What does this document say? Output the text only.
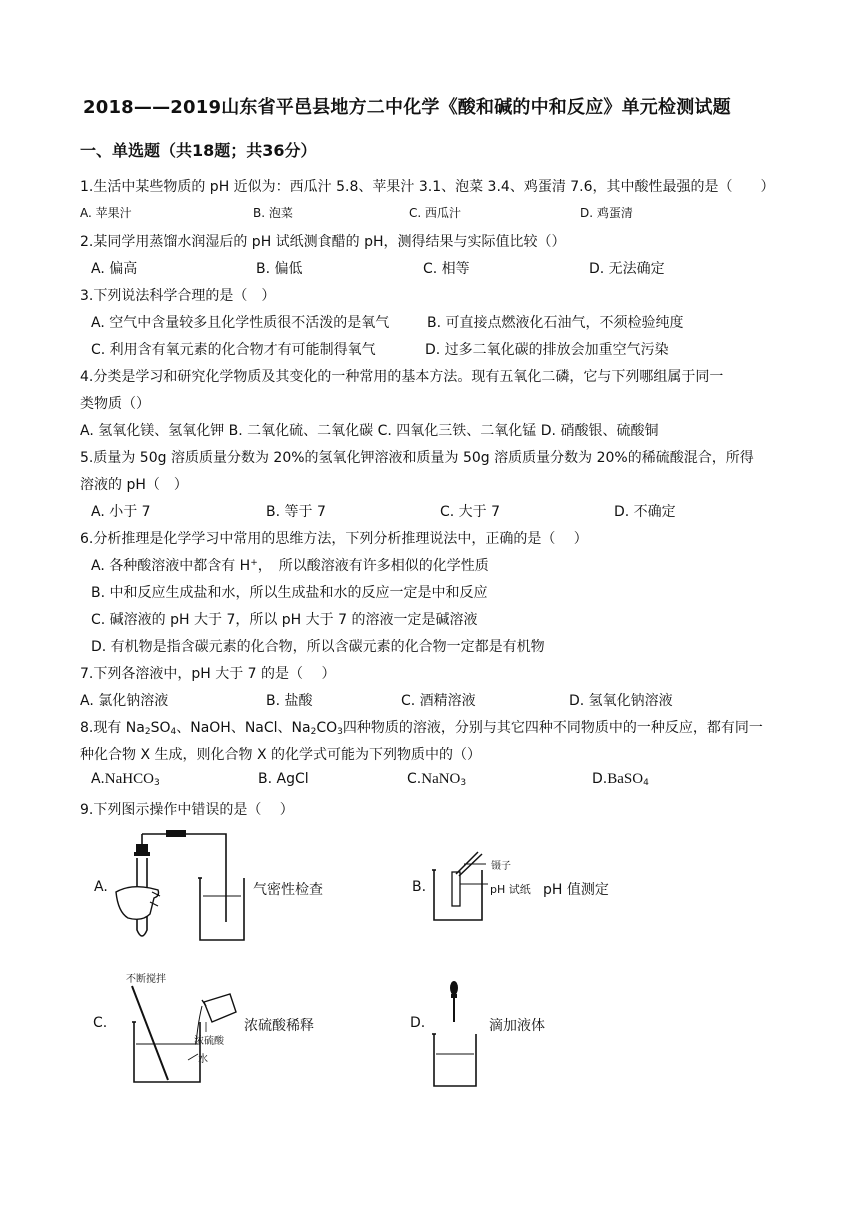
2018——2019山东省平邑县地方二中化学《酸和碱的中和反应》单元检测试题
一、单选题（共18题；共36分）
1.生活中某些物质的 pH 近似为：西瓜汁 5.8、苹果汁 3.1、泡菜 3.4、鸡蛋清 7.6，其中酸性最强的是（　　）
A. 苹果汁	B. 泡菜	C. 西瓜汁	D. 鸡蛋清
2.某同学用蒸馏水润湿后的 pH 试纸测食醋的 pH，测得结果与实际值比较（）
A. 偏高	B. 偏低	C. 相等	D. 无法确定
3.下列说法科学合理的是（　）
A. 空气中含量较多且化学性质很不活泼的是氧气	B. 可直接点燃液化石油气，不须检验纯度
C. 利用含有氧元素的化合物才有可能制得氧气	D. 过多二氧化碳的排放会加重空气污染
4.分类是学习和研究化学物质及其变化的一种常用的基本方法。现有五氧化二磷，它与下列哪组属于同一
类物质（）
A. 氢氧化镁、氢氧化钾 B. 二氧化硫、二氧化碳 C. 四氧化三铁、二氧化锰 D. 硝酸银、硫酸铜
5.质量为 50g 溶质质量分数为 20%的氢氧化钾溶液和质量为 50g 溶质质量分数为 20%的稀硫酸混合，所得
溶液的 pH（　）
A. 小于 7	B. 等于 7	C. 大于 7	D. 不确定
6.分析推理是化学学习中常用的思维方法，下列分析推理说法中，正确的是（　 ）
A. 各种酸溶液中都含有 H+，　所以酸溶液有许多相似的化学性质
B. 中和反应生成盐和水，所以生成盐和水的反应一定是中和反应
C. 碱溶液的 pH 大于 7，所以 pH 大于 7 的溶液一定是碱溶液
D. 有机物是指含碳元素的化合物，所以含碳元素的化合物一定都是有机物
7.下列各溶液中，pH 大于 7 的是（　 ）
A. 氯化钠溶液	B. 盐酸	C. 酒精溶液	D. 氢氧化钠溶液
8.现有 $Na_2SO_4$、NaOH、NaCl、$Na_2CO_3$四种物质的溶液，分别与其它四种不同物质中的一种反应，都有同一
种化合物 X 生成，则化合物 X 的化学式可能为下列物质中的（）
A.NaHCO$_3$	B. AgCl	C.NaNO$_3$	D.BaSO$_4$
9.下列图示操作中错误的是（　 ）
A.	气密性检查	B.
镊子
pH 试纸 pH 值测定
C.
不断搅拌
浓硫酸
水
浓硫酸稀释	D.	滴加液体
